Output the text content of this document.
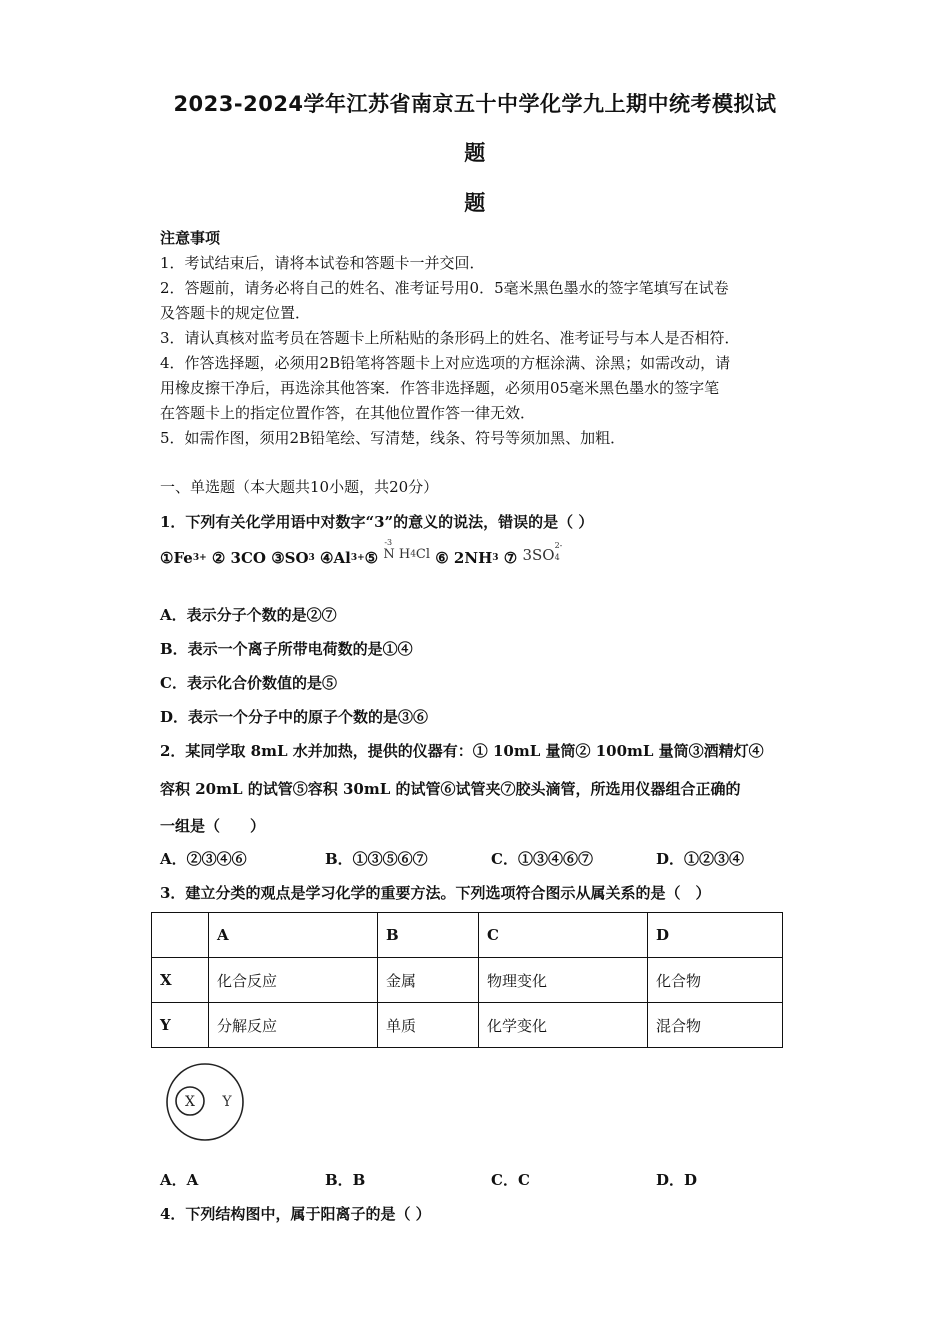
2023-2024学年江苏省南京五十中学化学九上期中统考模拟试
题
题
注意事项
1．考试结束后，请将本试卷和答题卡一并交回．
2．答题前，请务必将自己的姓名、准考证号用0．5毫米黑色墨水的签字笔填写在试卷
及答题卡的规定位置．
3．请认真核对监考员在答题卡上所粘贴的条形码上的姓名、准考证号与本人是否相符．
4．作答选择题，必须用2B铅笔将答题卡上对应选项的方框涂满、涂黑；如需改动，请
用橡皮擦干净后，再选涂其他答案．作答非选择题，必须用05毫米黑色墨水的签字笔
在答题卡上的指定位置作答，在其他位置作答一律无效．
5．如需作图，须用2B铅笔绘、写清楚，线条、符号等须加黑、加粗．
一、单选题（本大题共10小题，共20分）
1．下列有关化学用语中对数字“3”的意义的说法，错误的是（ ）
①Fe3+ ② 3CO ③SO3 ④Al3+⑤
-3
N H4Cl ⑥ 2NH3 ⑦ 3SO
2-
4
A．表示分子个数的是②⑦
B．表示一个离子所带电荷数的是①④
C．表示化合价数值的是⑤
D．表示一个分子中的原子个数的是③⑥
2．某同学取 8mL 水并加热，提供的仪器有：① 10mL 量筒② 100mL 量筒③酒精灯④
容积 20mL 的试管⑤容积 30mL 的试管⑥试管夹⑦胶头滴管，所选用仪器组合正确的
一组是（　　）
A．②③④⑥	B．①③⑤⑥⑦	C．①③④⑥⑦	D．①②③④
3．建立分类的观点是学习化学的重要方法。下列选项符合图示从属关系的是（　）
	A	B	C	D
X	化合反应	金属	物理变化	化合物
Y	分解反应	单质	化学变化	混合物
X Y
A．A	B．B	C．C	D．D
4．下列结构图中，属于阳离子的是（ ）
